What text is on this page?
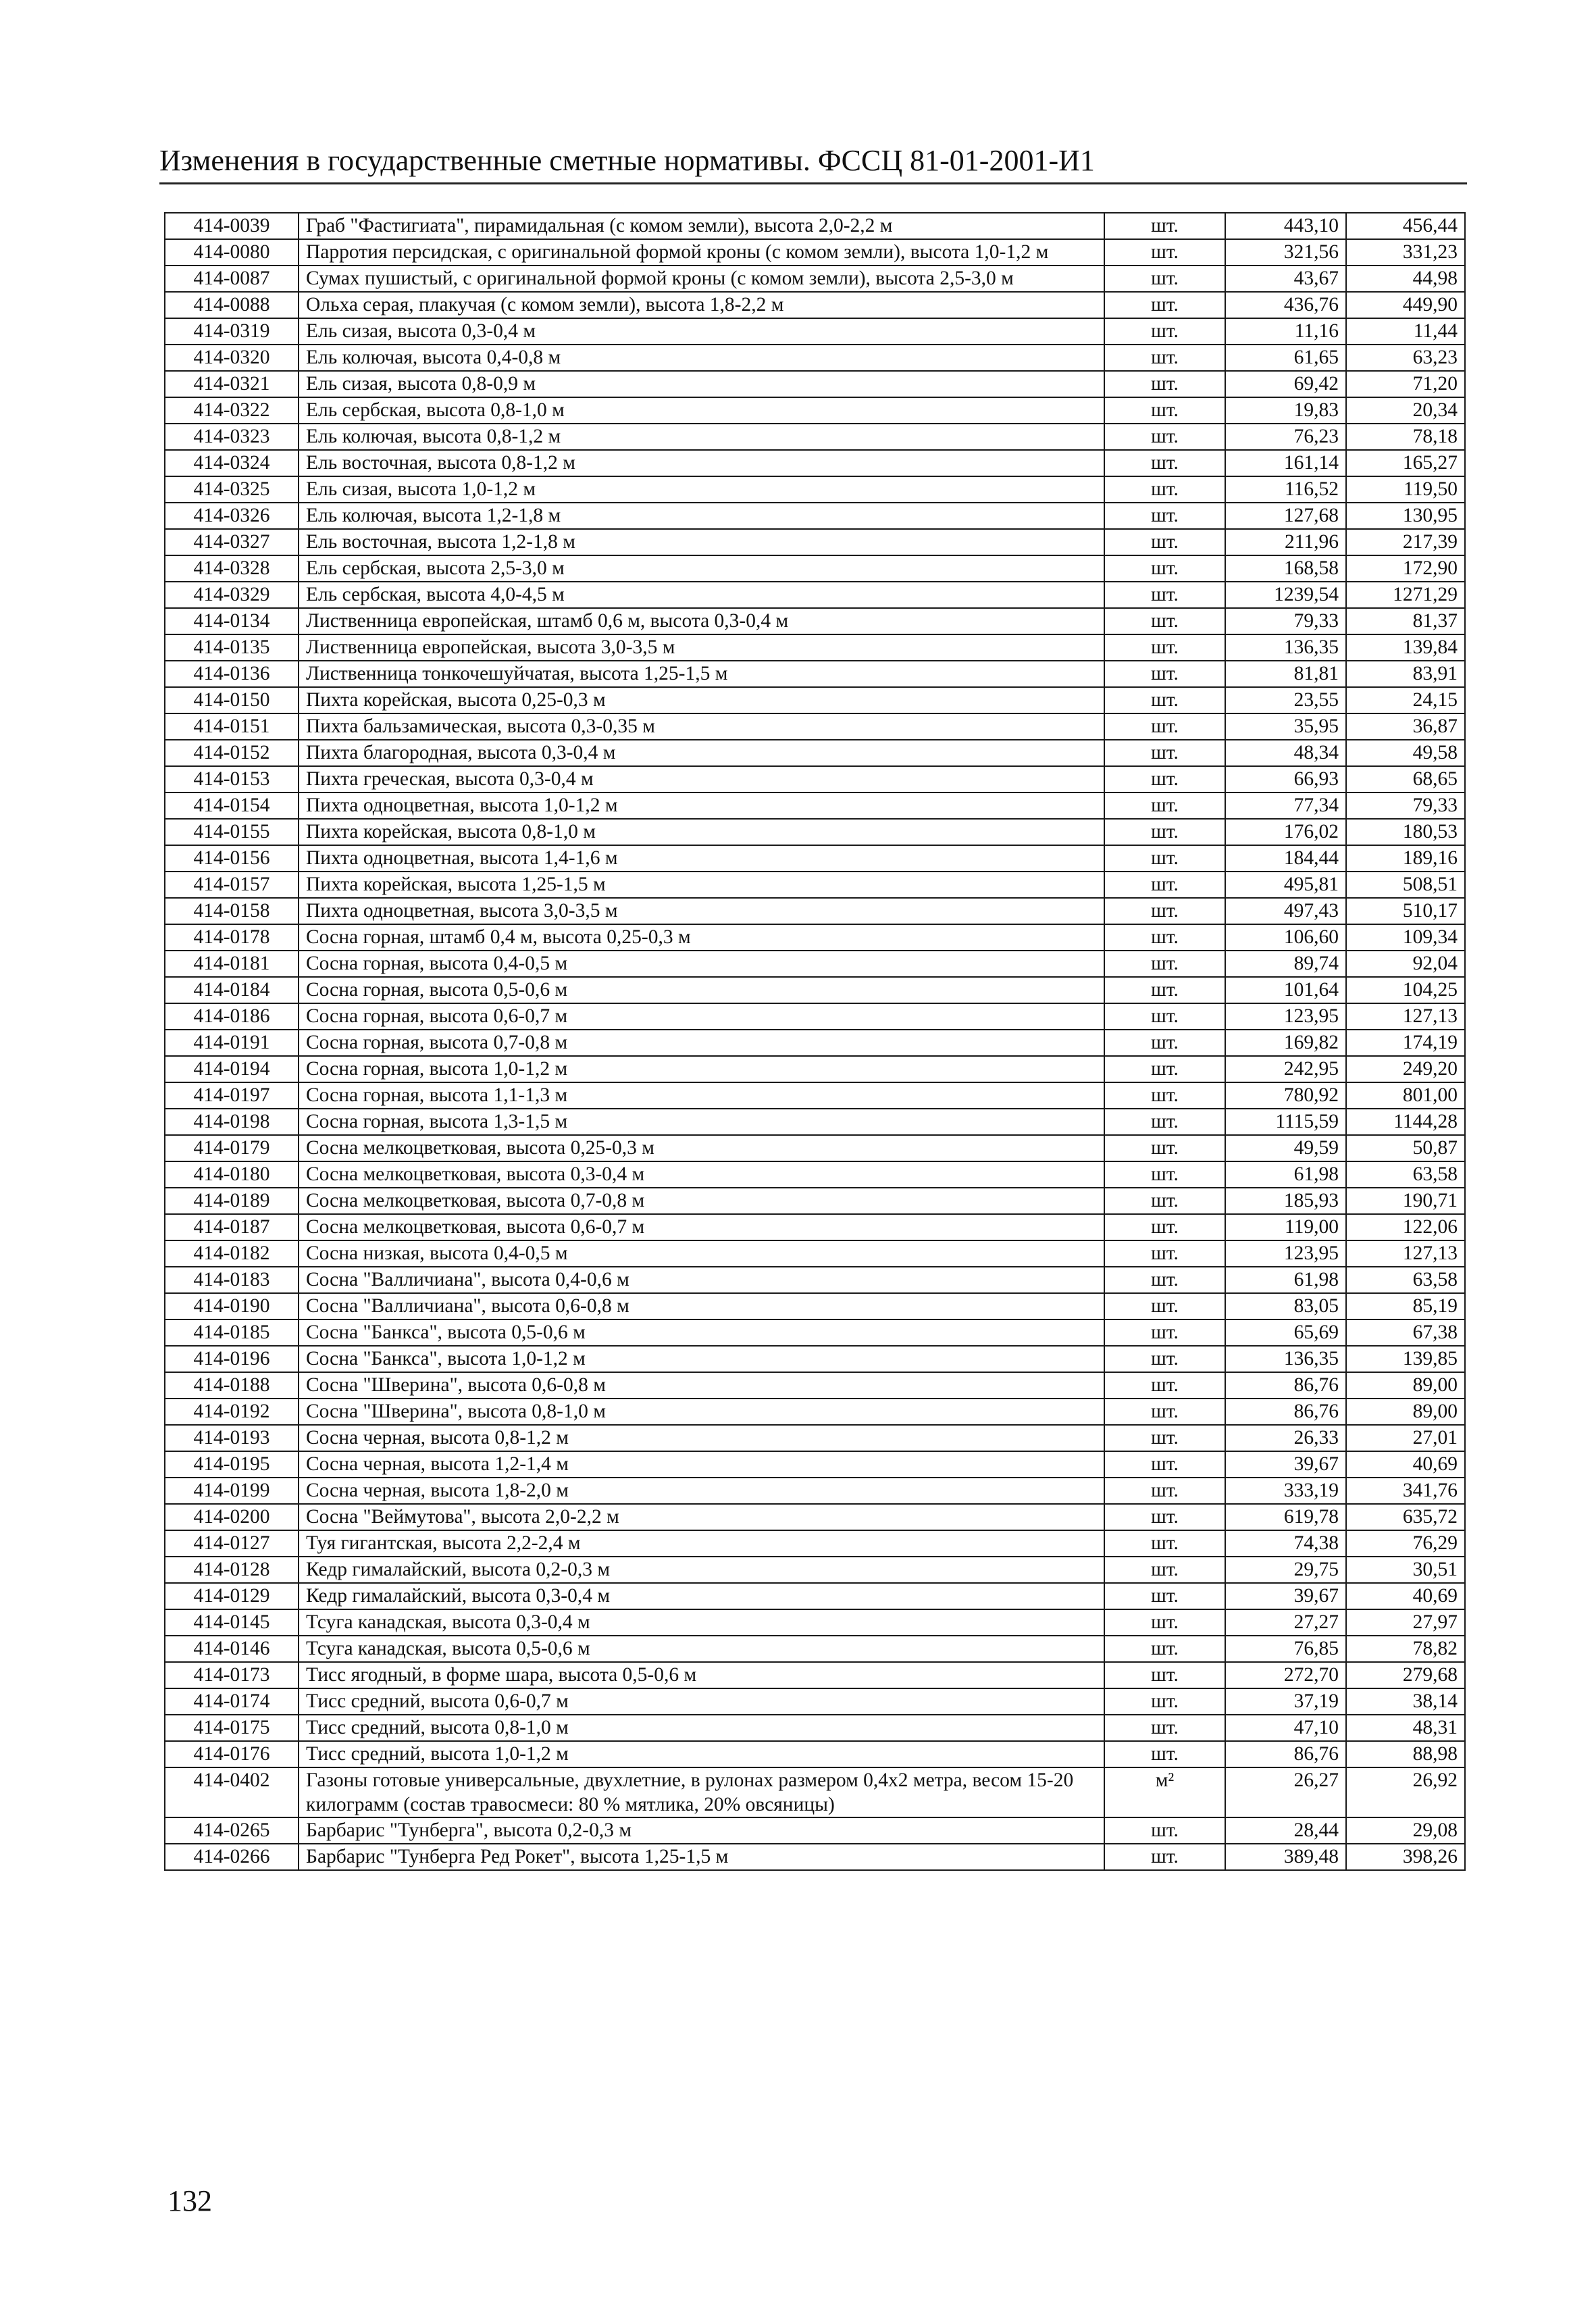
Изменения в государственные сметные нормативы. ФССЦ 81-01-2001-И1
414-0039	Граб "Фастигиата", пирамидальная (с комом земли), высота 2,0-2,2 м	шт.	443,10	456,44
414-0080	Парротия персидская, с оригинальной формой кроны (с комом земли), высота 1,0-1,2 м	шт.	321,56	331,23
414-0087	Сумах пушистый, с оригинальной формой кроны (с комом земли), высота 2,5-3,0 м	шт.	43,67	44,98
414-0088	Ольха серая, плакучая (с комом земли), высота 1,8-2,2 м	шт.	436,76	449,90
414-0319	Ель сизая, высота 0,3-0,4 м	шт.	11,16	11,44
414-0320	Ель колючая, высота 0,4-0,8 м	шт.	61,65	63,23
414-0321	Ель сизая, высота 0,8-0,9 м	шт.	69,42	71,20
414-0322	Ель сербская, высота 0,8-1,0 м	шт.	19,83	20,34
414-0323	Ель колючая, высота 0,8-1,2 м	шт.	76,23	78,18
414-0324	Ель восточная, высота 0,8-1,2 м	шт.	161,14	165,27
414-0325	Ель сизая, высота 1,0-1,2 м	шт.	116,52	119,50
414-0326	Ель колючая, высота 1,2-1,8 м	шт.	127,68	130,95
414-0327	Ель восточная, высота 1,2-1,8 м	шт.	211,96	217,39
414-0328	Ель сербская, высота 2,5-3,0 м	шт.	168,58	172,90
414-0329	Ель сербская, высота 4,0-4,5 м	шт.	1239,54	1271,29
414-0134	Лиственница европейская, штамб 0,6 м, высота 0,3-0,4 м	шт.	79,33	81,37
414-0135	Лиственница европейская, высота 3,0-3,5 м	шт.	136,35	139,84
414-0136	Лиственница тонкочешуйчатая, высота 1,25-1,5 м	шт.	81,81	83,91
414-0150	Пихта корейская, высота 0,25-0,3 м	шт.	23,55	24,15
414-0151	Пихта бальзамическая, высота 0,3-0,35 м	шт.	35,95	36,87
414-0152	Пихта благородная, высота 0,3-0,4 м	шт.	48,34	49,58
414-0153	Пихта греческая, высота 0,3-0,4 м	шт.	66,93	68,65
414-0154	Пихта одноцветная, высота 1,0-1,2 м	шт.	77,34	79,33
414-0155	Пихта корейская, высота 0,8-1,0 м	шт.	176,02	180,53
414-0156	Пихта одноцветная, высота 1,4-1,6 м	шт.	184,44	189,16
414-0157	Пихта корейская, высота 1,25-1,5 м	шт.	495,81	508,51
414-0158	Пихта одноцветная, высота 3,0-3,5 м	шт.	497,43	510,17
414-0178	Сосна горная, штамб 0,4 м, высота 0,25-0,3 м	шт.	106,60	109,34
414-0181	Сосна горная, высота 0,4-0,5 м	шт.	89,74	92,04
414-0184	Сосна горная, высота 0,5-0,6 м	шт.	101,64	104,25
414-0186	Сосна горная, высота 0,6-0,7 м	шт.	123,95	127,13
414-0191	Сосна горная, высота 0,7-0,8 м	шт.	169,82	174,19
414-0194	Сосна горная, высота 1,0-1,2 м	шт.	242,95	249,20
414-0197	Сосна горная, высота 1,1-1,3 м	шт.	780,92	801,00
414-0198	Сосна горная, высота 1,3-1,5 м	шт.	1115,59	1144,28
414-0179	Сосна мелкоцветковая, высота 0,25-0,3 м	шт.	49,59	50,87
414-0180	Сосна мелкоцветковая, высота 0,3-0,4 м	шт.	61,98	63,58
414-0189	Сосна мелкоцветковая, высота 0,7-0,8 м	шт.	185,93	190,71
414-0187	Сосна мелкоцветковая, высота 0,6-0,7 м	шт.	119,00	122,06
414-0182	Сосна низкая, высота 0,4-0,5 м	шт.	123,95	127,13
414-0183	Сосна "Валличиана", высота 0,4-0,6 м	шт.	61,98	63,58
414-0190	Сосна "Валличиана", высота 0,6-0,8 м	шт.	83,05	85,19
414-0185	Сосна "Банкса", высота 0,5-0,6 м	шт.	65,69	67,38
414-0196	Сосна "Банкса", высота 1,0-1,2 м	шт.	136,35	139,85
414-0188	Сосна "Шверина", высота 0,6-0,8 м	шт.	86,76	89,00
414-0192	Сосна "Шверина", высота 0,8-1,0 м	шт.	86,76	89,00
414-0193	Сосна черная, высота 0,8-1,2 м	шт.	26,33	27,01
414-0195	Сосна черная, высота 1,2-1,4 м	шт.	39,67	40,69
414-0199	Сосна черная, высота 1,8-2,0 м	шт.	333,19	341,76
414-0200	Сосна "Веймутова", высота 2,0-2,2 м	шт.	619,78	635,72
414-0127	Туя гигантская, высота 2,2-2,4 м	шт.	74,38	76,29
414-0128	Кедр гималайский, высота 0,2-0,3 м	шт.	29,75	30,51
414-0129	Кедр гималайский, высота 0,3-0,4 м	шт.	39,67	40,69
414-0145	Тсуга канадская, высота 0,3-0,4 м	шт.	27,27	27,97
414-0146	Тсуга канадская, высота 0,5-0,6 м	шт.	76,85	78,82
414-0173	Тисс ягодный, в форме шара, высота 0,5-0,6 м	шт.	272,70	279,68
414-0174	Тисс средний, высота 0,6-0,7 м	шт.	37,19	38,14
414-0175	Тисс средний, высота 0,8-1,0 м	шт.	47,10	48,31
414-0176	Тисс средний, высота 1,0-1,2 м	шт.	86,76	88,98
414-0402	Газоны готовые универсальные, двухлетние, в рулонах размером 0,4x2 метра, весом 15-20 килограмм (состав травосмеси: 80 % мятлика, 20% овсяницы)	м²	26,27	26,92
414-0265	Барбарис "Тунберга", высота 0,2-0,3 м	шт.	28,44	29,08
414-0266	Барбарис "Тунберга Ред Рокет", высота 1,25-1,5 м	шт.	389,48	398,26
132
